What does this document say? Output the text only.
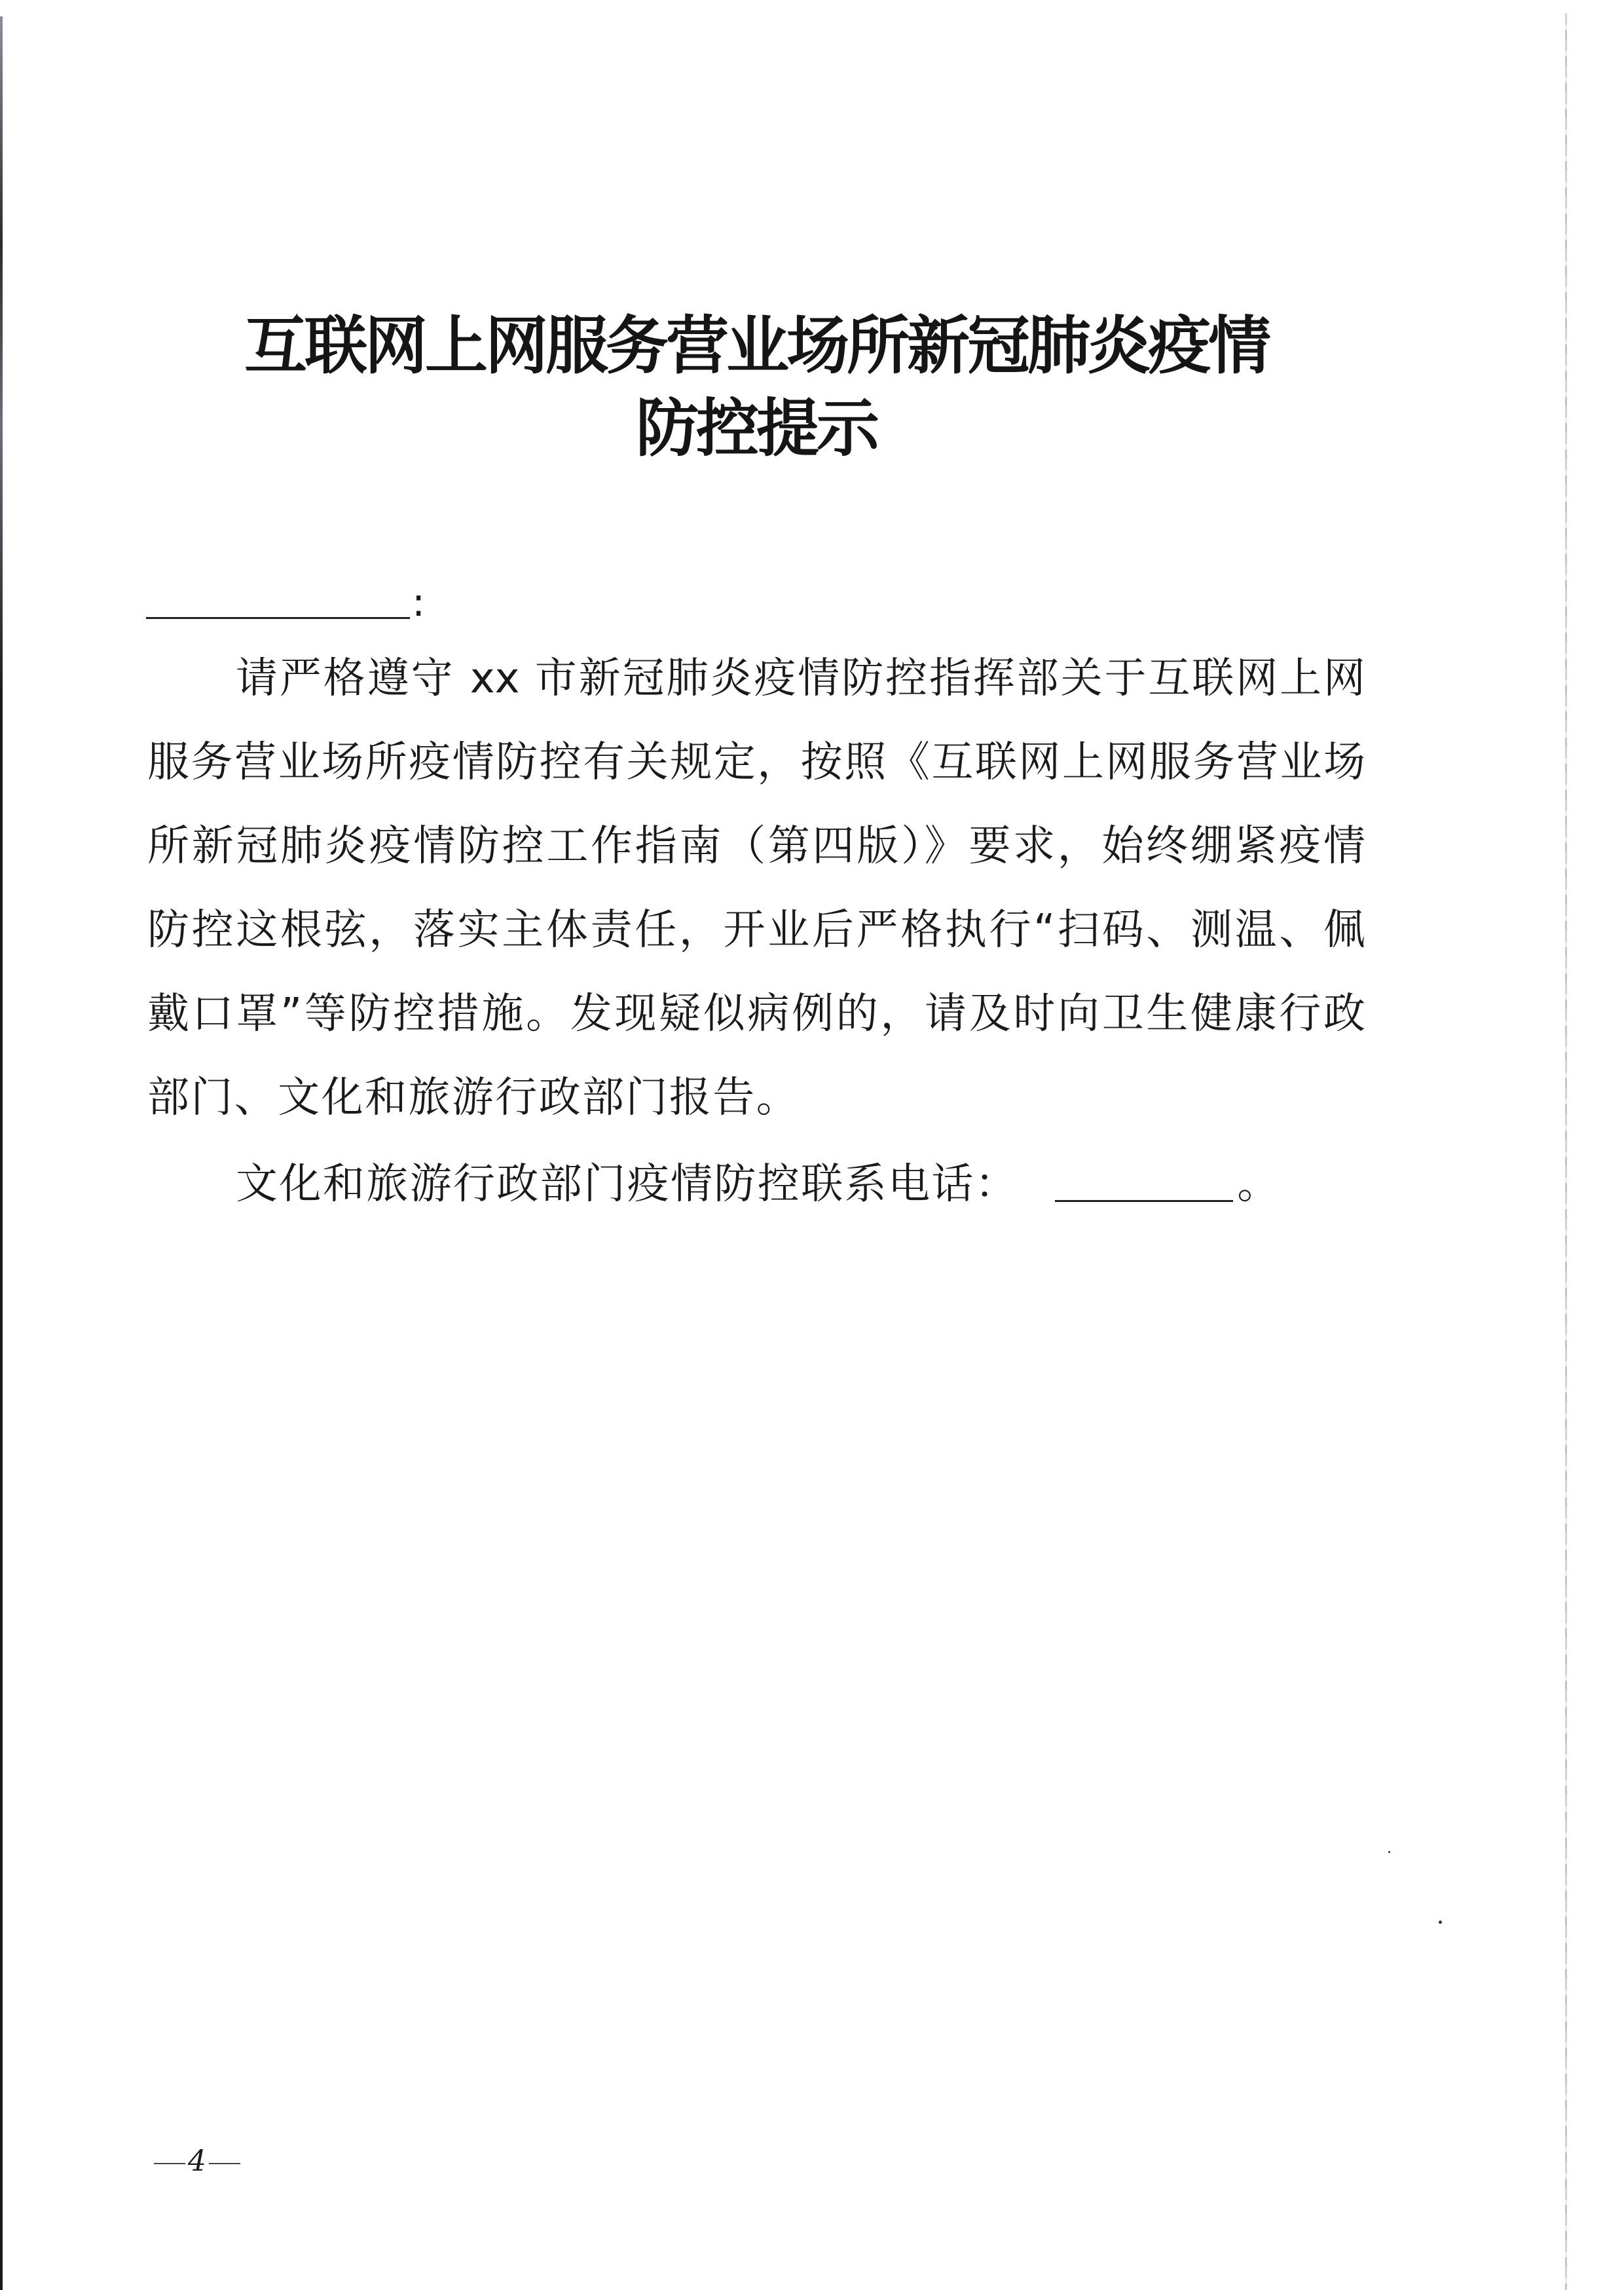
互联网上网服务营业场所新冠肺炎疫情
防控提示
:
请严格遵守 xx 市新冠肺炎疫情防控指挥部关于互联网上网
服务营业场所疫情防控有关规定，按照《互联网上网服务营业场
所新冠肺炎疫情防控工作指南（第四版）》要求，始终绷紧疫情
防控这根弦，落实主体责任，开业后严格执行“扫码、测温、佩
戴口罩”等防控措施。发现疑似病例的，请及时向卫生健康行政
部门、文化和旅游行政部门报告。
文化和旅游行政部门疫情防控联系电话：	。
4
